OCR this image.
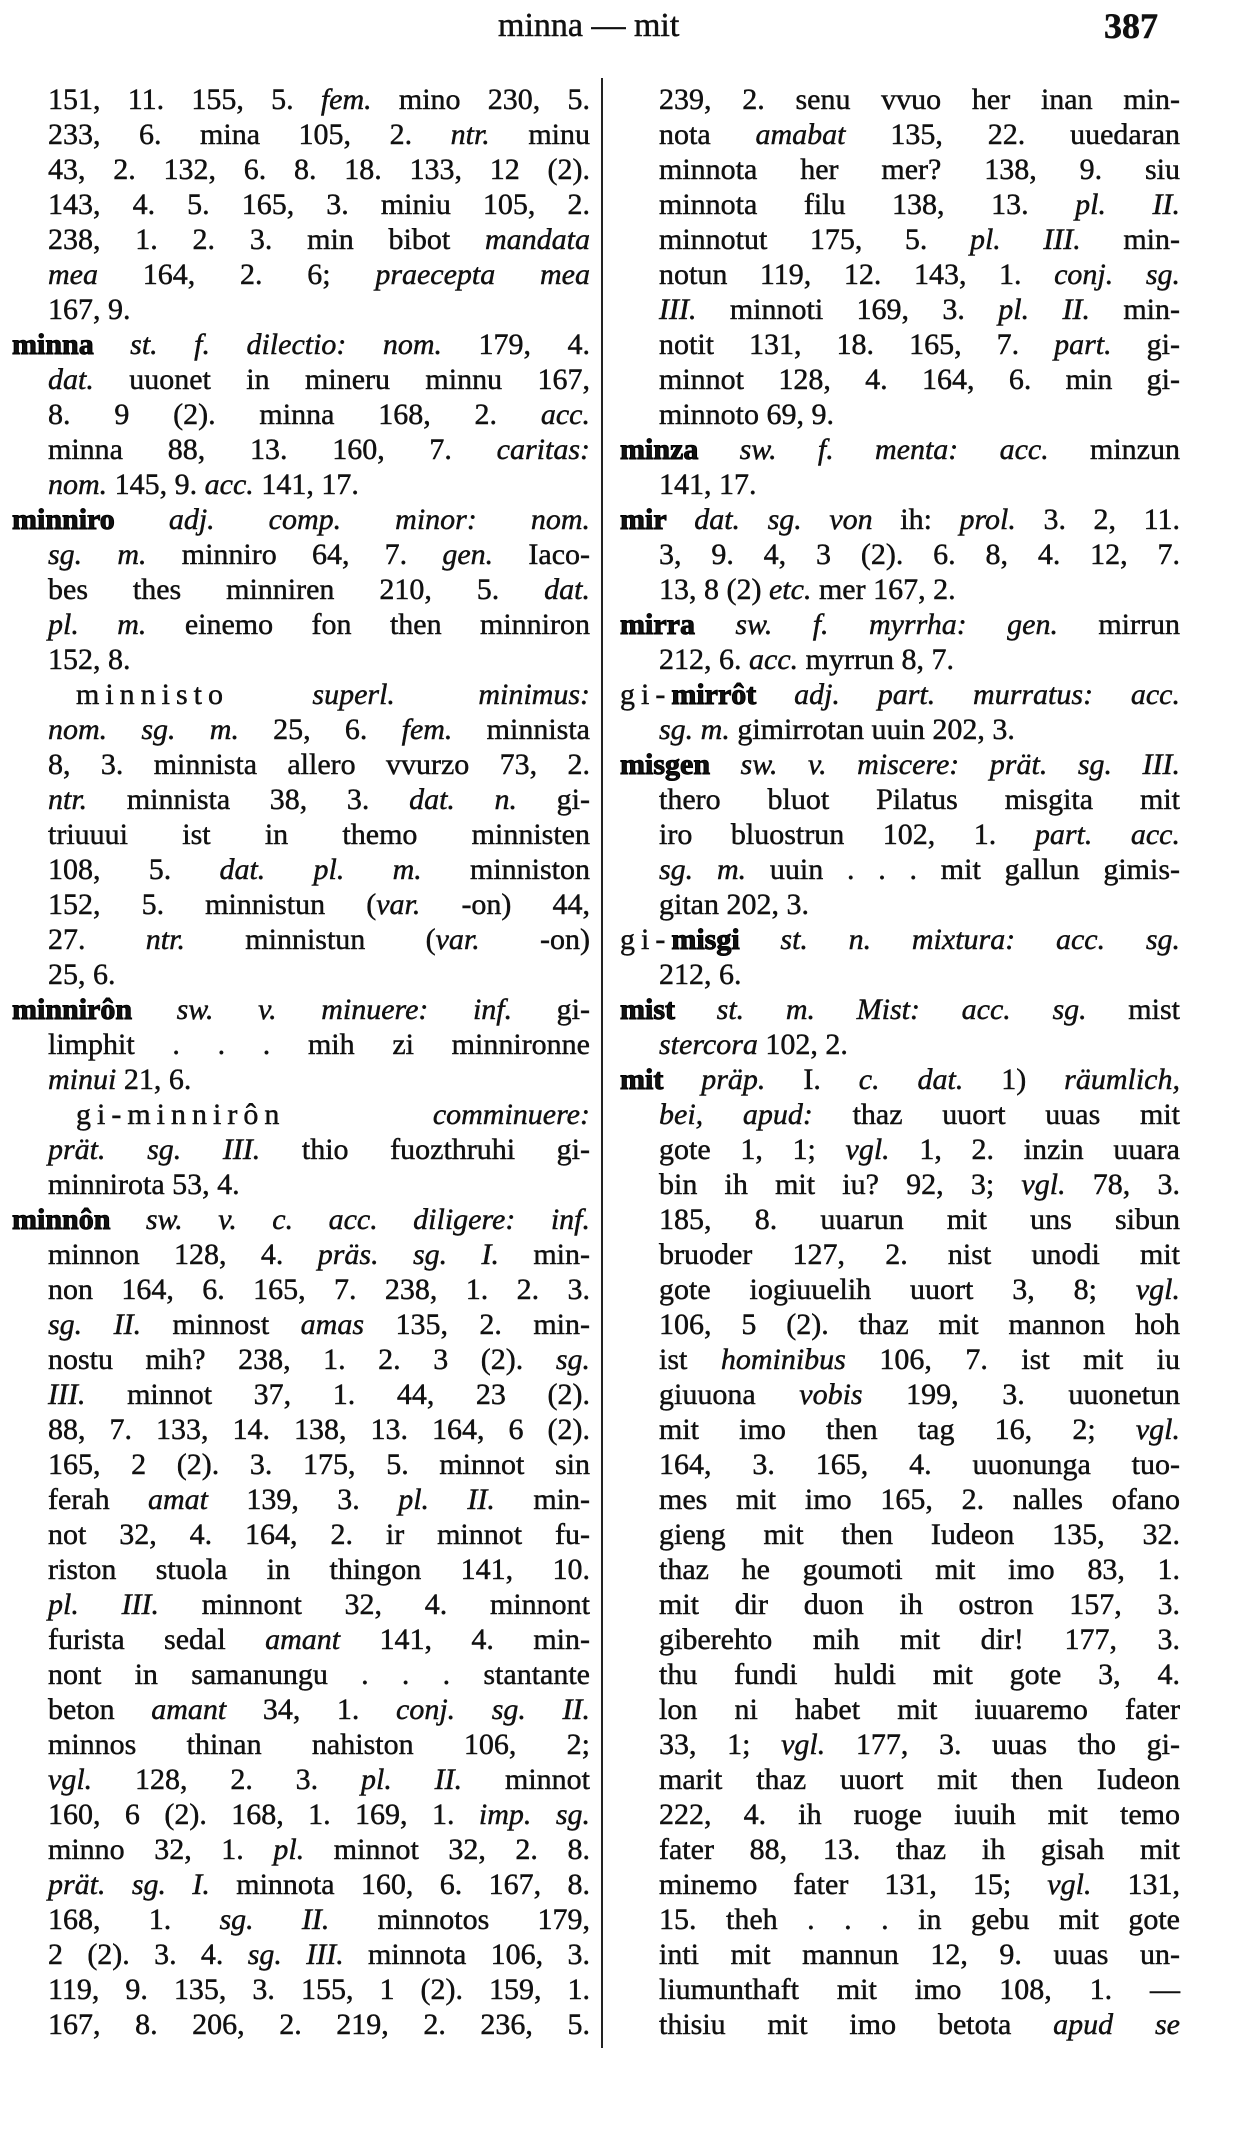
minna — mit	387
151, 11. 155, 5. fem. mino 230, 5.
233, 6. mina 105, 2. ntr. minu
43, 2. 132, 6. 8. 18. 133, 12 (2).
143, 4. 5. 165, 3. miniu 105, 2.
238, 1. 2. 3. min bibot mandata
mea 164, 2. 6; praecepta mea
167, 9.
minna st. f. dilectio: nom. 179, 4.
dat. uuonet in mineru minnu 167,
8. 9 (2). minna 168, 2. acc.
minna 88, 13. 160, 7. caritas:
nom. 145, 9. acc. 141, 17.
minniro adj. comp. minor: nom.
sg. m. minniro 64, 7. gen. Iaco-
bes thes minniren 210, 5. dat.
pl. m. einemo fon then minniron
152, 8.
minnisto superl. minimus:
nom. sg. m. 25, 6. fem. minnista
8, 3. minnista allero vvurzo 73, 2.
ntr. minnista 38, 3. dat. n. gi-
triuuui ist in themo minnisten
108, 5. dat. pl. m. minniston
152, 5. minnistun (var. -on) 44,
27. ntr. minnistun (var. -on)
25, 6.
minnirôn sw. v. minuere: inf. gi-
limphit . . . mih zi minnironne
minui 21, 6.
gi-minnirôn comminuere:
prät. sg. III. thio fuozthruhi gi-
minnirota 53, 4.
minnôn sw. v. c. acc. diligere: inf.
minnon 128, 4. präs. sg. I. min-
non 164, 6. 165, 7. 238, 1. 2. 3.
sg. II. minnost amas 135, 2. min-
nostu mih? 238, 1. 2. 3 (2). sg.
III. minnot 37, 1. 44, 23 (2).
88, 7. 133, 14. 138, 13. 164, 6 (2).
165, 2 (2). 3. 175, 5. minnot sin
ferah amat 139, 3. pl. II. min-
not 32, 4. 164, 2. ir minnot fu-
riston stuola in thingon 141, 10.
pl. III. minnont 32, 4. minnont
furista sedal amant 141, 4. min-
nont in samanungu . . . stantante
beton amant 34, 1. conj. sg. II.
minnos thinan nahiston 106, 2;
vgl. 128, 2. 3. pl. II. minnot
160, 6 (2). 168, 1. 169, 1. imp. sg.
minno 32, 1. pl. minnot 32, 2. 8.
prät. sg. I. minnota 160, 6. 167, 8.
168, 1. sg. II. minnotos 179,
2 (2). 3. 4. sg. III. minnota 106, 3.
119, 9. 135, 3. 155, 1 (2). 159, 1.
167, 8. 206, 2. 219, 2. 236, 5.
239, 2. senu vvuo her inan min-
nota amabat 135, 22. uuedaran
minnota her mer? 138, 9. siu
minnota filu 138, 13. pl. II.
minnotut 175, 5. pl. III. min-
notun 119, 12. 143, 1. conj. sg.
III. minnoti 169, 3. pl. II. min-
notit 131, 18. 165, 7. part. gi-
minnot 128, 4. 164, 6. min gi-
minnoto 69, 9.
minza sw. f. menta: acc. minzun
141, 17.
mir dat. sg. von ih: prol. 3. 2, 11.
3, 9. 4, 3 (2). 6. 8, 4. 12, 7.
13, 8 (2) etc. mer 167, 2.
mirra sw. f. myrrha: gen. mirrun
212, 6. acc. myrrun 8, 7.
gi-mirrôt adj. part. murratus: acc.
sg. m. gimirrotan uuin 202, 3.
misgen sw. v. miscere: prät. sg. III.
thero bluot Pilatus misgita mit
iro bluostrun 102, 1. part. acc.
sg. m. uuin . . . mit gallun gimis-
gitan 202, 3.
gi-misgi st. n. mixtura: acc. sg.
212, 6.
mist st. m. Mist: acc. sg. mist
stercora 102, 2.
mit präp. I. c. dat. 1) räumlich,
bei, apud: thaz uuort uuas mit
gote 1, 1; vgl. 1, 2. inzin uuara
bin ih mit iu? 92, 3; vgl. 78, 3.
185, 8. uuarun mit uns sibun
bruoder 127, 2. nist unodi mit
gote iogiuuelih uuort 3, 8; vgl.
106, 5 (2). thaz mit mannon hoh
ist hominibus 106, 7. ist mit iu
giuuona vobis 199, 3. uuonetun
mit imo then tag 16, 2; vgl.
164, 3. 165, 4. uuonunga tuo-
mes mit imo 165, 2. nalles ofano
gieng mit then Iudeon 135, 32.
thaz he goumoti mit imo 83, 1.
mit dir duon ih ostron 157, 3.
giberehto mih mit dir! 177, 3.
thu fundi huldi mit gote 3, 4.
lon ni habet mit iuuaremo fater
33, 1; vgl. 177, 3. uuas tho gi-
marit thaz uuort mit then Iudeon
222, 4. ih ruoge iuuih mit temo
fater 88, 13. thaz ih gisah mit
minemo fater 131, 15; vgl. 131,
15. theh . . . in gebu mit gote
inti mit mannun 12, 9. uuas un-
liumunthaft mit imo 108, 1. —
thisiu mit imo betota apud se
